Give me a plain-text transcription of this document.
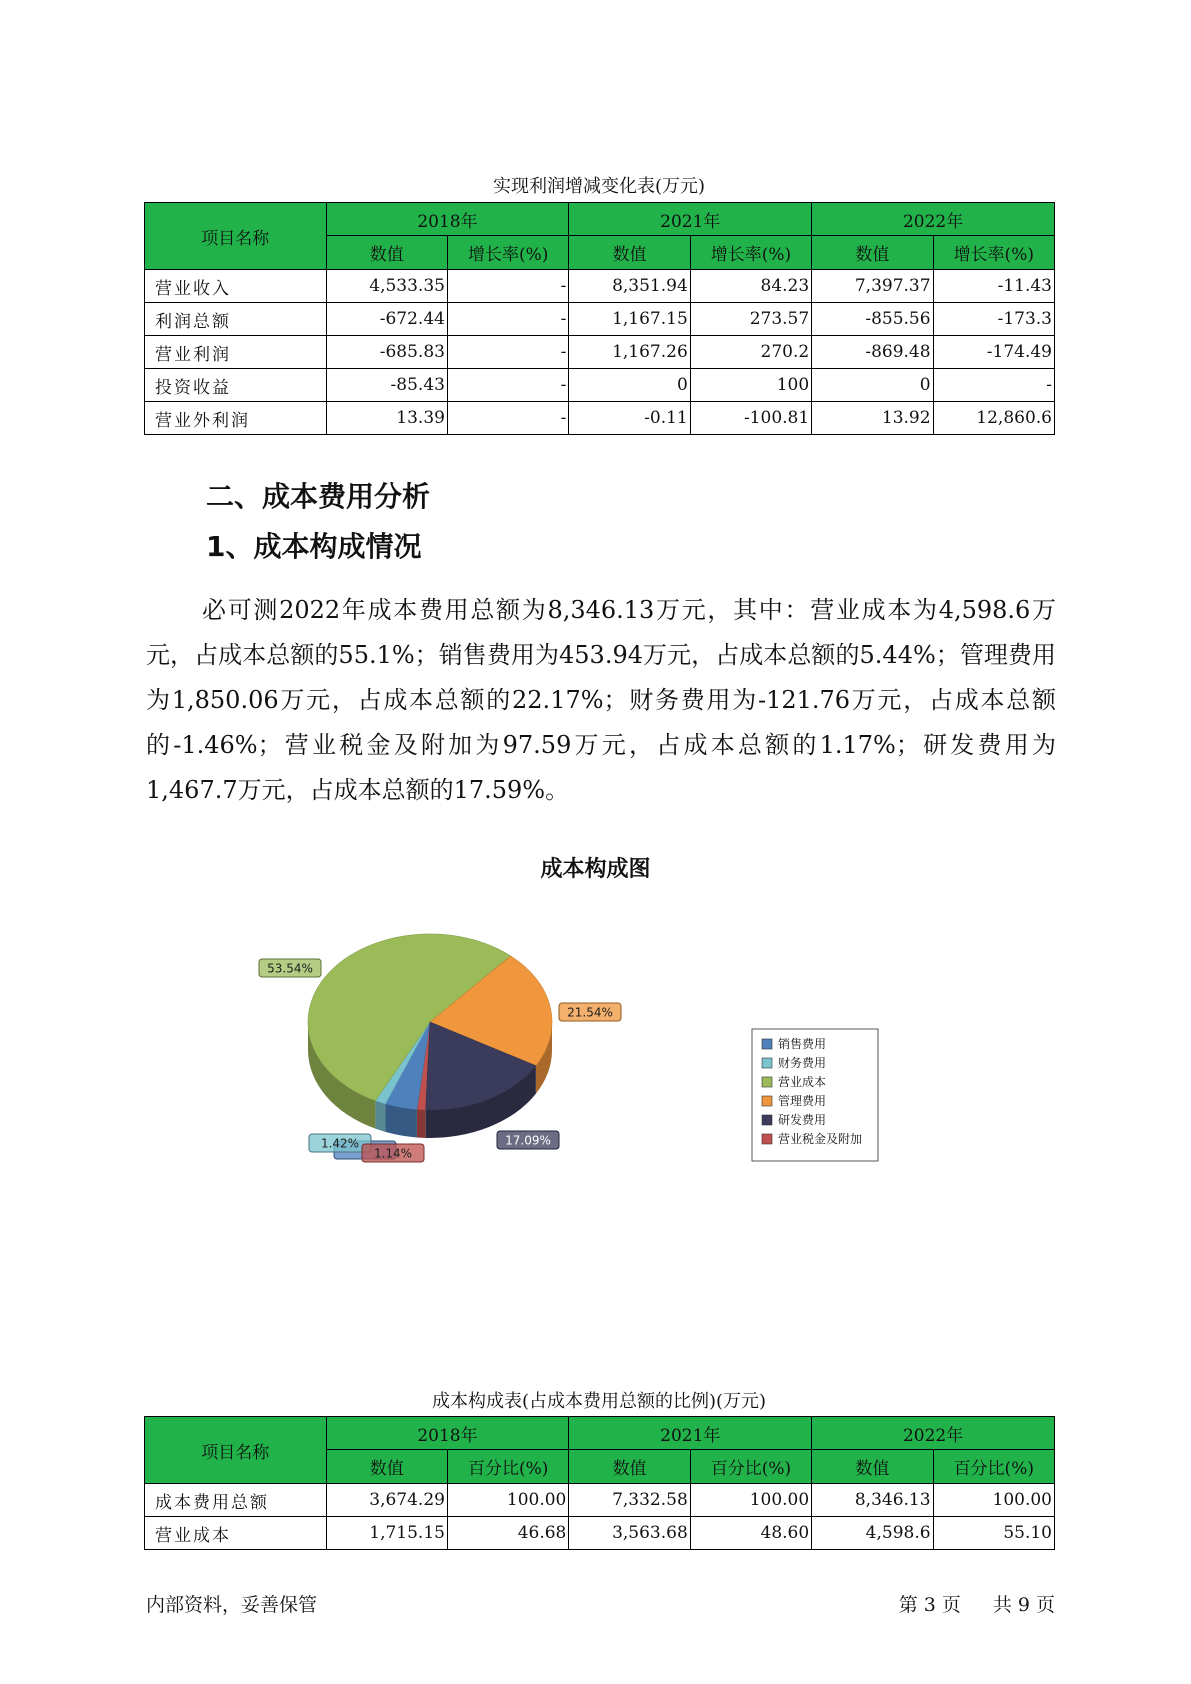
实现利润增减变化表(万元)
项目名称	2018年		2021年		2022年	
	数值	增长率(%)	数值	增长率(%)	数值	增长率(%)
营业收入	4,533.35	-	8,351.94	84.23	7,397.37	-11.43
利润总额	-672.44	-	1,167.15	273.57	-855.56	-173.3
营业利润	-685.83	-	1,167.26	270.2	-869.48	-174.49
投资收益	-85.43	-	0	100	0	-
营业外利润	13.39	-	-0.11	-100.81	13.92	12,860.6
二、成本费用分析
1、成本构成情况

必可测2022年成本费用总额为8,346.13万元，其中：营业成本为4,598.6万元，占成本总额的55.1%；销售费用为453.94万元，占成本总额的5.44%；管理费用为1,850.06万元，占成本总额的22.17%；财务费用为-121.76万元，占成本总额的-1.46%；营业税金及附加为97.59万元，占成本总额的1.17%；研发费用为1,467.7万元，占成本总额的17.59%。

成本构成图
1.42%
1.14%
53.54%
21.54%
17.09%
销售费用
财务费用
营业成本
管理费用
研发费用
营业税金及附加
成本构成表(占成本费用总额的比例)(万元)
项目名称	2018年		2021年		2022年	
	数值	百分比(%)	数值	百分比(%)	数值	百分比(%)
成本费用总额	3,674.29	100.00	7,332.58	100.00	8,346.13	100.00
营业成本	1,715.15	46.68	3,563.68	48.60	4,598.6	55.10
内部资料，妥善保管	第 3 页 共 9 页
